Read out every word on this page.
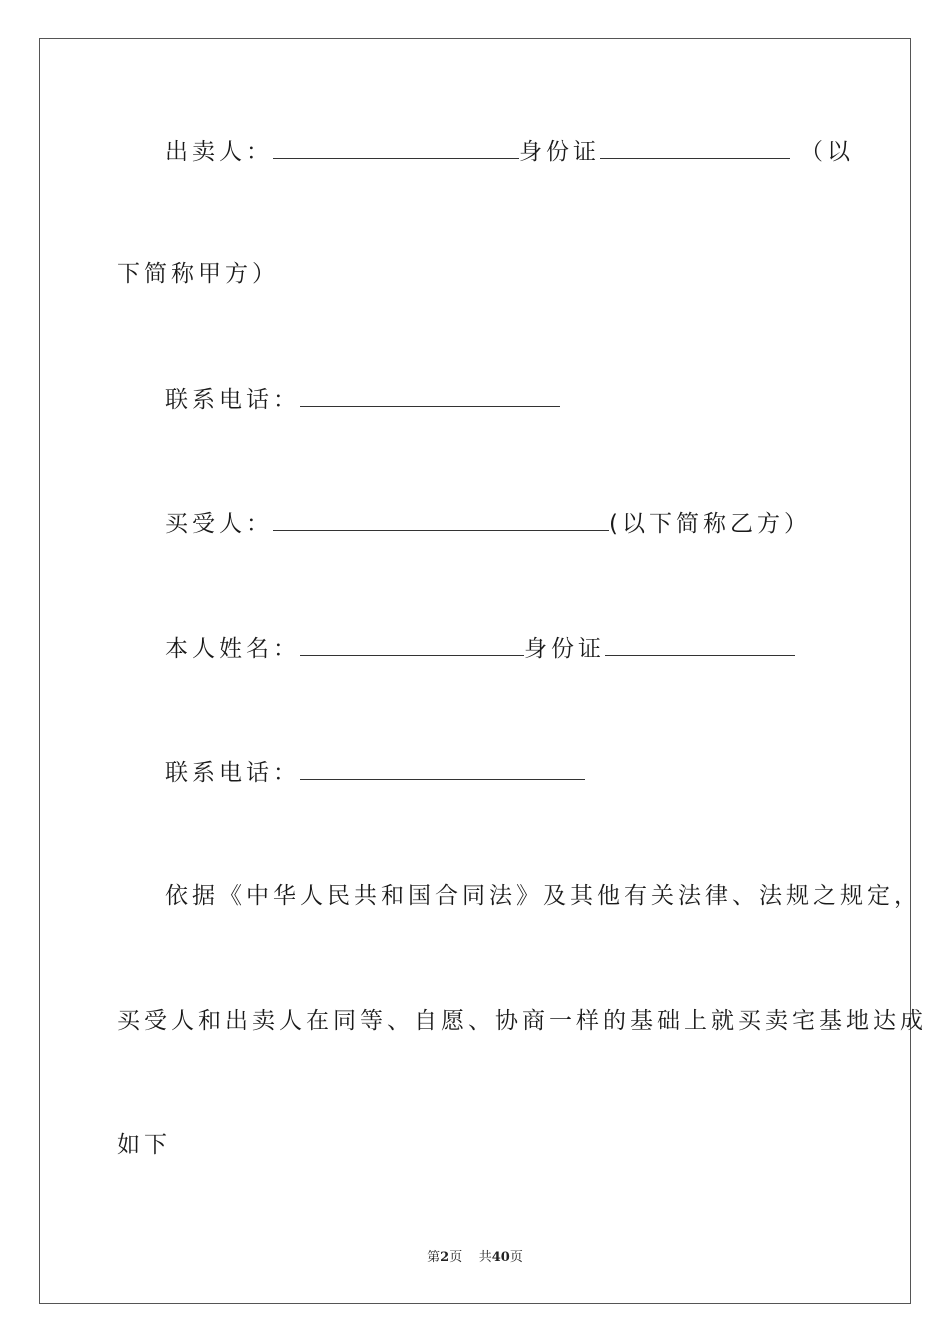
出卖人：	身份证	（以
下简称甲方）
联系电话：
买受人：	(以下简称乙方）
本人姓名：	身份证
联系电话：
依据《中华人民共和国合同法》及其他有关法律、法规之规定，
买受人和出卖人在同等、自愿、协商一样的基础上就买卖宅基地达成
如下
第2页 共40页
